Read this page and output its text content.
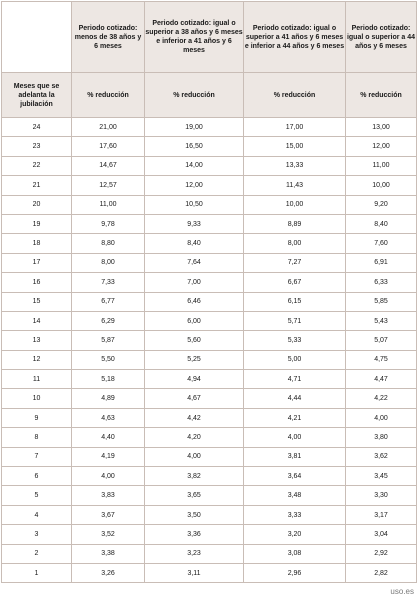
	Periodo cotizado: menos de 38 años y 6 meses	Periodo cotizado: igual o superior a 38 años y 6 meses e inferior a 41 años y 6 meses	Periodo cotizado: igual o superior a 41 años y 6 meses e inferior a 44 años y 6 meses	Periodo cotizado: igual o superior a 44 años y 6 meses
Meses que se adelanta la jubilación	% reducción	% reducción	% reducción	% reducción
24	21,00	19,00	17,00	13,00
23	17,60	16,50	15,00	12,00
22	14,67	14,00	13,33	11,00
21	12,57	12,00	11,43	10,00
20	11,00	10,50	10,00	9,20
19	9,78	9,33	8,89	8,40
18	8,80	8,40	8,00	7,60
17	8,00	7,64	7,27	6,91
16	7,33	7,00	6,67	6,33
15	6,77	6,46	6,15	5,85
14	6,29	6,00	5,71	5,43
13	5,87	5,60	5,33	5,07
12	5,50	5,25	5,00	4,75
11	5,18	4,94	4,71	4,47
10	4,89	4,67	4,44	4,22
9	4,63	4,42	4,21	4,00
8	4,40	4,20	4,00	3,80
7	4,19	4,00	3,81	3,62
6	4,00	3,82	3,64	3,45
5	3,83	3,65	3,48	3,30
4	3,67	3,50	3,33	3,17
3	3,52	3,36	3,20	3,04
2	3,38	3,23	3,08	2,92
1	3,26	3,11	2,96	2,82
uso.es
